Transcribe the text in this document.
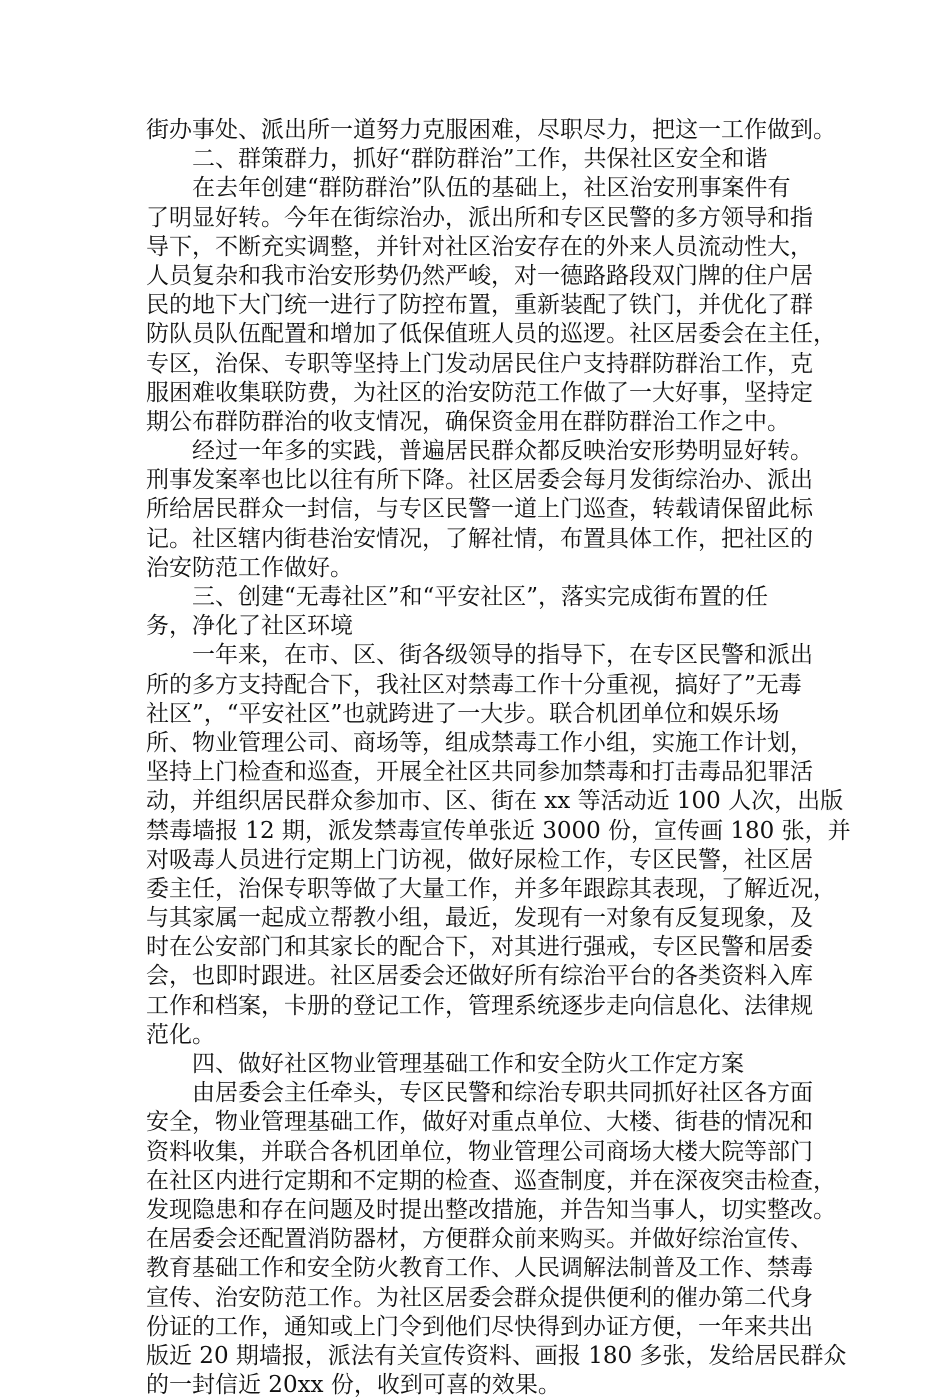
街办事处、派出所一道努力克服困难，尽职尽力，把这一工作做到。
二、群策群力，抓好“群防群治”工作，共保社区安全和谐
在去年创建“群防群治”队伍的基础上，社区治安刑事案件有
了明显好转。今年在街综治办，派出所和专区民警的多方领导和指
导下，不断充实调整，并针对社区治安存在的外来人员流动性大，
人员复杂和我市治安形势仍然严峻，对一德路路段双门牌的住户居
民的地下大门统一进行了防控布置，重新装配了铁门，并优化了群
防队员队伍配置和增加了低保值班人员的巡逻。社区居委会在主任，
专区，治保、专职等坚持上门发动居民住户支持群防群治工作，克
服困难收集联防费，为社区的治安防范工作做了一大好事，坚持定
期公布群防群治的收支情况，确保资金用在群防群治工作之中。
经过一年多的实践，普遍居民群众都反映治安形势明显好转。
刑事发案率也比以往有所下降。社区居委会每月发街综治办、派出
所给居民群众一封信，与专区民警一道上门巡查，转载请保留此标
记。社区辖内街巷治安情况，了解社情，布置具体工作，把社区的
治安防范工作做好。
三、创建“无毒社区”和“平安社区”，落实完成街布置的任
务，净化了社区环境
一年来，在市、区、街各级领导的指导下，在专区民警和派出
所的多方支持配合下，我社区对禁毒工作十分重视，搞好了”无毒
社区”，“平安社区”也就跨进了一大步。联合机团单位和娱乐场
所、物业管理公司、商场等，组成禁毒工作小组，实施工作计划，
坚持上门检查和巡查，开展全社区共同参加禁毒和打击毒品犯罪活
动，并组织居民群众参加市、区、街在 xx 等活动近 100 人次，出版
禁毒墙报 12 期，派发禁毒宣传单张近 3000 份，宣传画 180 张，并
对吸毒人员进行定期上门访视，做好尿检工作，专区民警，社区居
委主任，治保专职等做了大量工作，并多年跟踪其表现，了解近况，
与其家属一起成立帮教小组，最近，发现有一对象有反复现象，及
时在公安部门和其家长的配合下，对其进行强戒，专区民警和居委
会，也即时跟进。社区居委会还做好所有综治平台的各类资料入库
工作和档案，卡册的登记工作，管理系统逐步走向信息化、法律规
范化。
四、做好社区物业管理基础工作和安全防火工作定方案
由居委会主任牵头，专区民警和综治专职共同抓好社区各方面
安全，物业管理基础工作，做好对重点单位、大楼、街巷的情况和
资料收集，并联合各机团单位，物业管理公司商场大楼大院等部门
在社区内进行定期和不定期的检查、巡查制度，并在深夜突击检查，
发现隐患和存在问题及时提出整改措施，并告知当事人，切实整改。
在居委会还配置消防器材，方便群众前来购买。并做好综治宣传、
教育基础工作和安全防火教育工作、人民调解法制普及工作、禁毒
宣传、治安防范工作。为社区居委会群众提供便利的催办第二代身
份证的工作，通知或上门令到他们尽快得到办证方便，一年来共出
版近 20 期墙报，派法有关宣传资料、画报 180 多张，发给居民群众
的一封信近 20xx 份，收到可喜的效果。
